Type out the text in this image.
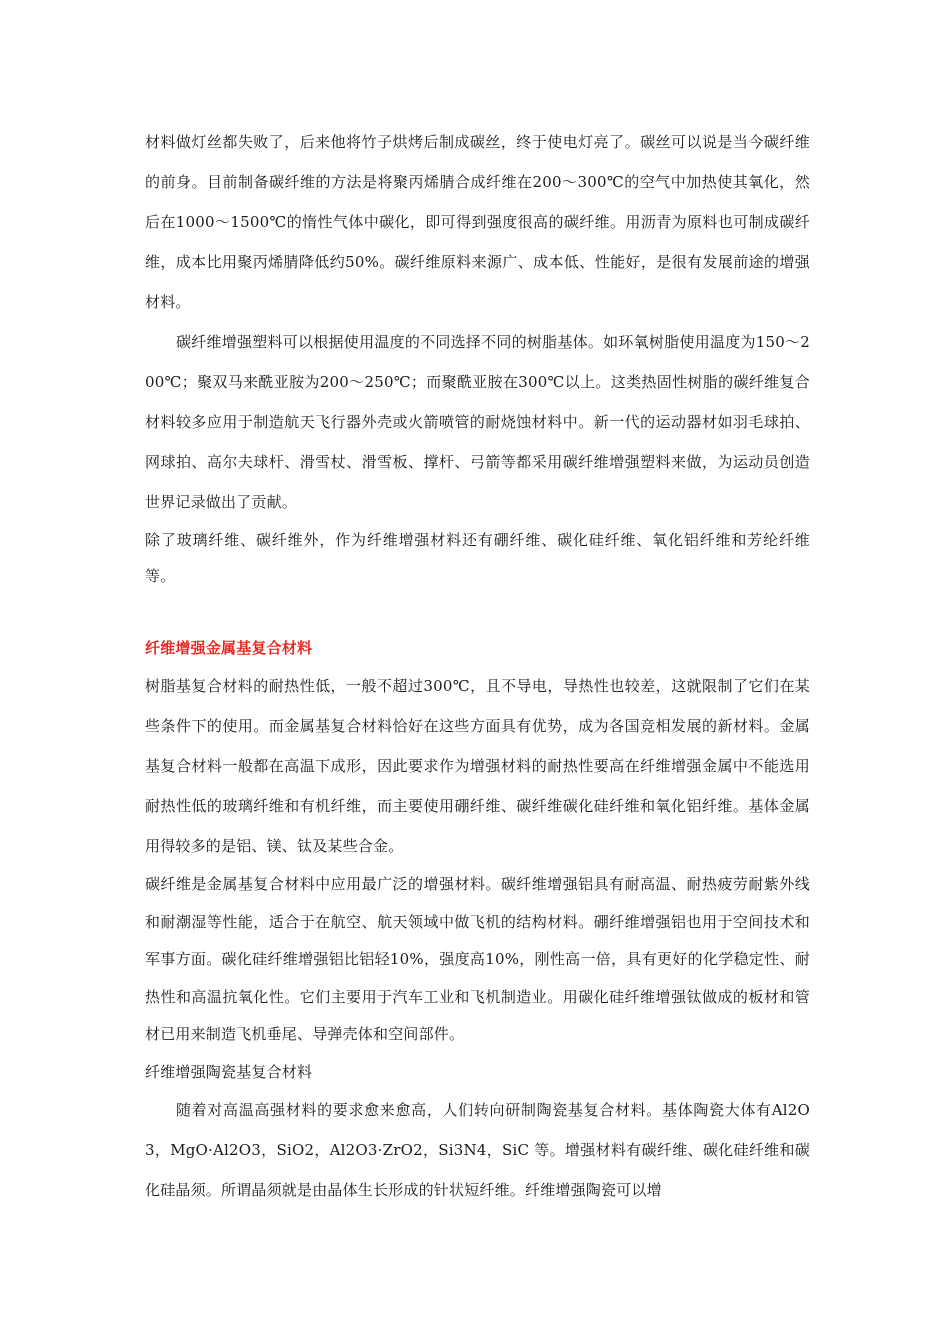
材料做灯丝都失败了，后来他将竹子烘烤后制成碳丝，终于使电灯亮了。碳丝可以说是当今碳纤维的前身。目前制备碳纤维的方法是将聚丙烯腈合成纤维在200～300℃的空气中加热使其氧化，然后在1000～1500℃的惰性气体中碳化，即可得到强度很高的碳纤维。用沥青为原料也可制成碳纤维，成本比用聚丙烯腈降低约50%。碳纤维原料来源广、成本低、性能好，是很有发展前途的增强材料。

碳纤维增强塑料可以根据使用温度的不同选择不同的树脂基体。如环氧树脂使用温度为150～200℃；聚双马来酰亚胺为200～250℃；而聚酰亚胺在300℃以上。这类热固性树脂的碳纤维复合材料较多应用于制造航天飞行器外壳或火箭喷管的耐烧蚀材料中。新一代的运动器材如羽毛球拍、网球拍、高尔夫球杆、滑雪杖、滑雪板、撑杆、弓箭等都采用碳纤维增强塑料来做，为运动员创造世界记录做出了贡献。

除了玻璃纤维、碳纤维外，作为纤维增强材料还有硼纤维、碳化硅纤维、氧化铝纤维和芳纶纤维等。

纤维增强金属基复合材料

树脂基复合材料的耐热性低，一般不超过300℃，且不导电，导热性也较差，这就限制了它们在某些条件下的使用。而金属基复合材料恰好在这些方面具有优势，成为各国竞相发展的新材料。金属基复合材料一般都在高温下成形，因此要求作为增强材料的耐热性要高在纤维增强金属中不能选用耐热性低的玻璃纤维和有机纤维，而主要使用硼纤维、碳纤维碳化硅纤维和氧化铝纤维。基体金属用得较多的是铝、镁、钛及某些合金。

碳纤维是金属基复合材料中应用最广泛的增强材料。碳纤维增强铝具有耐高温、耐热疲劳耐紫外线和耐潮湿等性能，适合于在航空、航天领域中做飞机的结构材料。硼纤维增强铝也用于空间技术和军事方面。碳化硅纤维增强铝比铝轻10%，强度高10%，刚性高一倍，具有更好的化学稳定性、耐热性和高温抗氧化性。它们主要用于汽车工业和飞机制造业。用碳化硅纤维增强钛做成的板材和管材已用来制造飞机垂尾、导弹壳体和空间部件。

纤维增强陶瓷基复合材料

随着对高温高强材料的要求愈来愈高，人们转向研制陶瓷基复合材料。基体陶瓷大体有Al2O3，MgO·Al2O3，SiO2，Al2O3·ZrO2，Si3N4，SiC 等。增强材料有碳纤维、碳化硅纤维和碳化硅晶须。所谓晶须就是由晶体生长形成的针状短纤维。纤维增强陶瓷可以增
